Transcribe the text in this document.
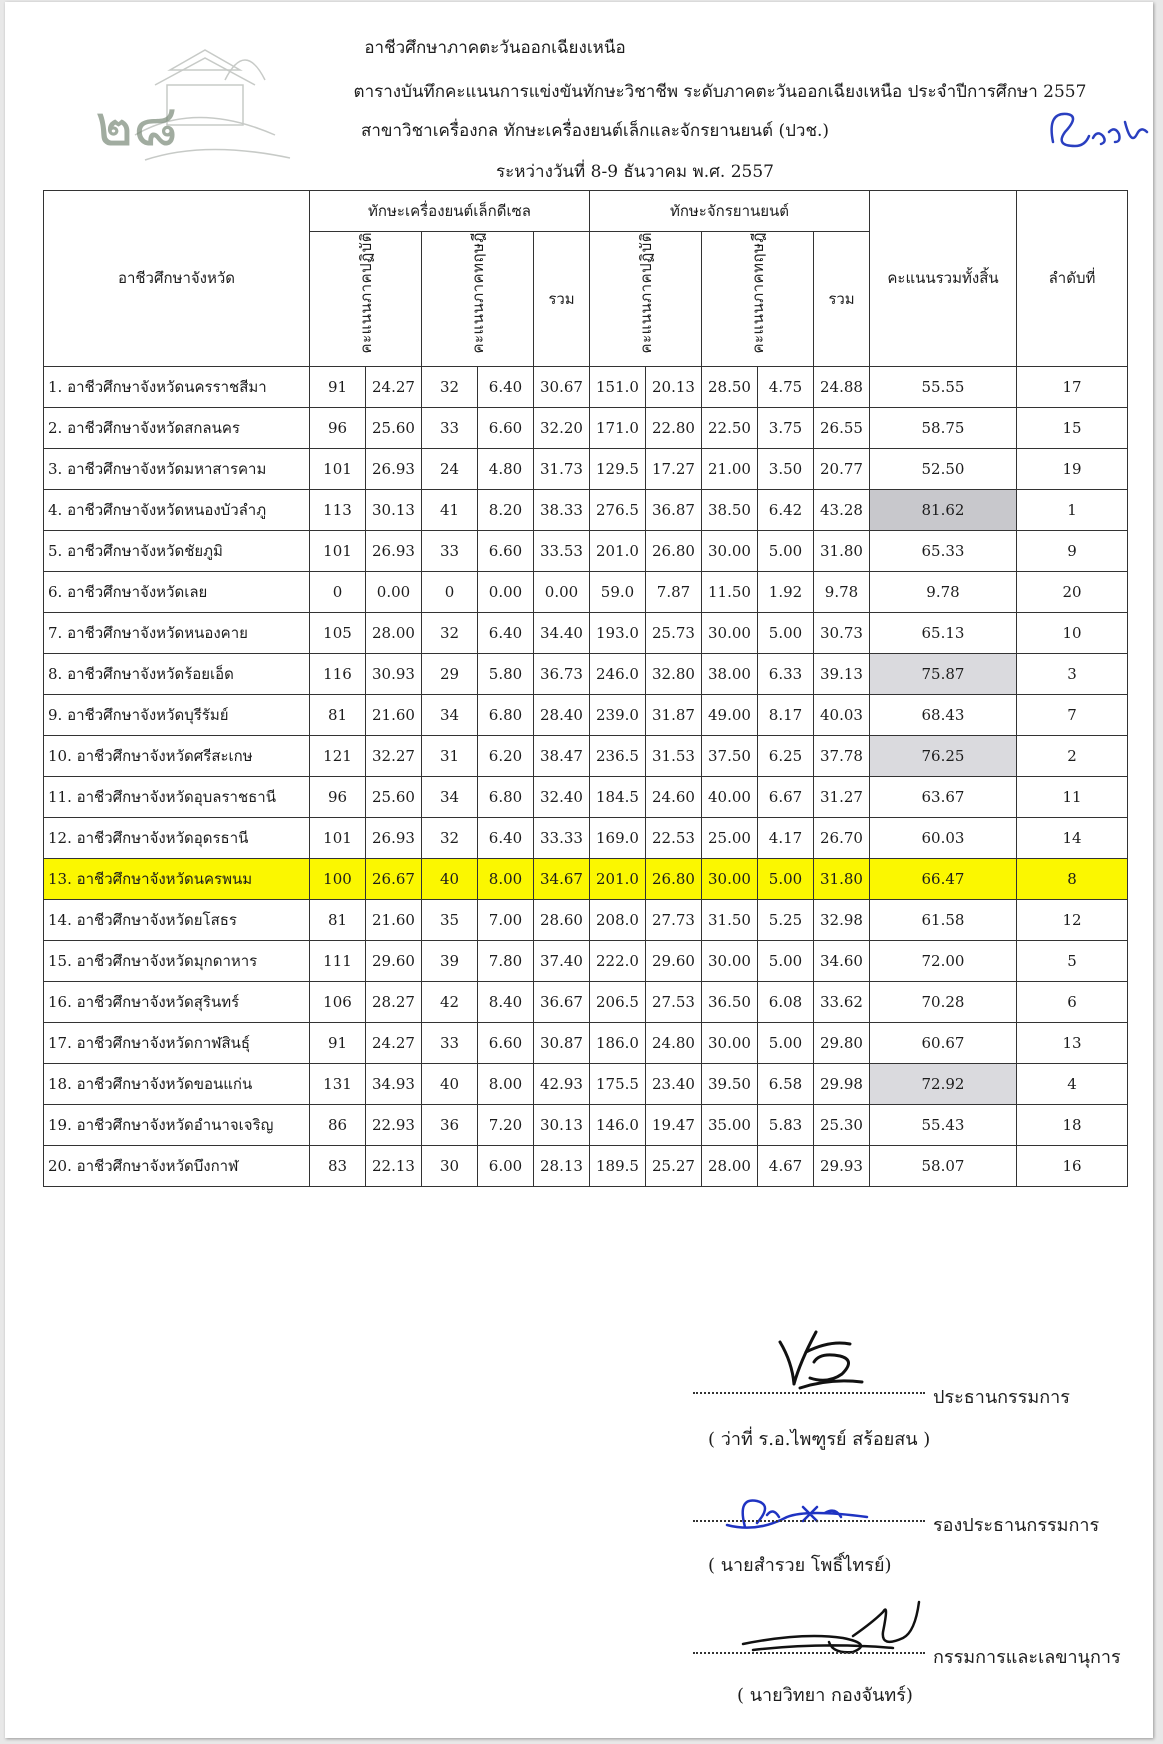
๒๘
อาชีวศึกษาภาคตะวันออกเฉียงเหนือ
ตารางบันทึกคะแนนการแข่งขันทักษะวิชาชีพ ระดับภาคตะวันออกเฉียงเหนือ ประจำปีการศึกษา 2557
สาขาวิชาเครื่องกล ทักษะเครื่องยนต์เล็กและจักรยานยนต์ (ปวช.)
ระหว่างวันที่ 8-9 ธันวาคม พ.ศ. 2557
อาชีวศึกษาจังหวัด	ทักษะเครื่องยนต์เล็กดีเซล					ทักษะจักรยานยนต์					คะแนนรวมทั้งสิ้น	ลำดับที่
	คะแนนภาคปฏิบัติ		คะแนนภาคทฤษฎี		รวม	คะแนนภาคปฏิบัติ		คะแนนภาคทฤษฎี		รวม		
1. อาชีวศึกษาจังหวัดนครราชสีมา	91	24.27	32	6.40	30.67	151.0	20.13	28.50	4.75	24.88	55.55	17
2. อาชีวศึกษาจังหวัดสกลนคร	96	25.60	33	6.60	32.20	171.0	22.80	22.50	3.75	26.55	58.75	15
3. อาชีวศึกษาจังหวัดมหาสารคาม	101	26.93	24	4.80	31.73	129.5	17.27	21.00	3.50	20.77	52.50	19
4. อาชีวศึกษาจังหวัดหนองบัวลำภู	113	30.13	41	8.20	38.33	276.5	36.87	38.50	6.42	43.28	81.62	1
5. อาชีวศึกษาจังหวัดชัยภูมิ	101	26.93	33	6.60	33.53	201.0	26.80	30.00	5.00	31.80	65.33	9
6. อาชีวศึกษาจังหวัดเลย	0	0.00	0	0.00	0.00	59.0	7.87	11.50	1.92	9.78	9.78	20
7. อาชีวศึกษาจังหวัดหนองคาย	105	28.00	32	6.40	34.40	193.0	25.73	30.00	5.00	30.73	65.13	10
8. อาชีวศึกษาจังหวัดร้อยเอ็ด	116	30.93	29	5.80	36.73	246.0	32.80	38.00	6.33	39.13	75.87	3
9. อาชีวศึกษาจังหวัดบุรีรัมย์	81	21.60	34	6.80	28.40	239.0	31.87	49.00	8.17	40.03	68.43	7
10. อาชีวศึกษาจังหวัดศรีสะเกษ	121	32.27	31	6.20	38.47	236.5	31.53	37.50	6.25	37.78	76.25	2
11. อาชีวศึกษาจังหวัดอุบลราชธานี	96	25.60	34	6.80	32.40	184.5	24.60	40.00	6.67	31.27	63.67	11
12. อาชีวศึกษาจังหวัดอุดรธานี	101	26.93	32	6.40	33.33	169.0	22.53	25.00	4.17	26.70	60.03	14
13. อาชีวศึกษาจังหวัดนครพนม	100	26.67	40	8.00	34.67	201.0	26.80	30.00	5.00	31.80	66.47	8
14. อาชีวศึกษาจังหวัดยโสธร	81	21.60	35	7.00	28.60	208.0	27.73	31.50	5.25	32.98	61.58	12
15. อาชีวศึกษาจังหวัดมุกดาหาร	111	29.60	39	7.80	37.40	222.0	29.60	30.00	5.00	34.60	72.00	5
16. อาชีวศึกษาจังหวัดสุรินทร์	106	28.27	42	8.40	36.67	206.5	27.53	36.50	6.08	33.62	70.28	6
17. อาชีวศึกษาจังหวัดกาฬสินธุ์	91	24.27	33	6.60	30.87	186.0	24.80	30.00	5.00	29.80	60.67	13
18. อาชีวศึกษาจังหวัดขอนแก่น	131	34.93	40	8.00	42.93	175.5	23.40	39.50	6.58	29.98	72.92	4
19. อาชีวศึกษาจังหวัดอำนาจเจริญ	86	22.93	36	7.20	30.13	146.0	19.47	35.00	5.83	25.30	55.43	18
20. อาชีวศึกษาจังหวัดบึงกาฬ	83	22.13	30	6.00	28.13	189.5	25.27	28.00	4.67	29.93	58.07	16
ประธานกรรมการ
( ว่าที่ ร.อ.ไพฑูรย์ สร้อยสน )
รองประธานกรรมการ
( นายสำรวย โพธิ์ไทรย์)
กรรมการและเลขานุการ
( นายวิทยา กองจันทร์)
